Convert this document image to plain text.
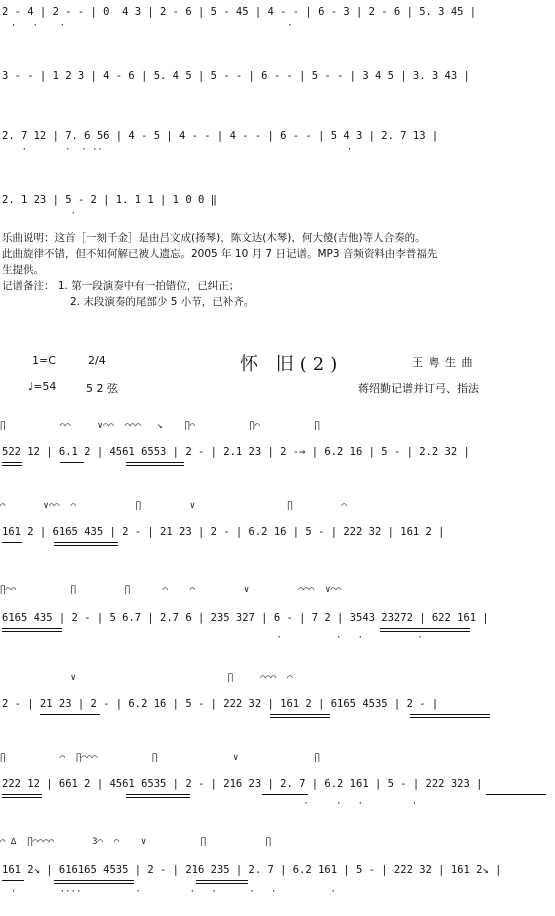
2 - 4 | 2 - - | 0  4 3 | 2 - 6 | 5 - 45 | 4 - - | 6 - 3 | 2 - 6 | 5. 3 45 |

·   ·    ·                                         ·

3 - - | 1 2 3 | 4 - 6 | 5. 4 5 | 5 - - | 6 - - | 5 - - | 3 4 5 | 3. 3 43 |

2. 7 12 | 7. 6 56 | 4 - 5 | 4 - - | 4 - - | 6 - - | 5 4 3 | 2. 7 13 |

·       ·  · ··                                             ·

2. 1 23 | 5 - 2 | 1. 1 1 | 1 0 0 ‖

·

乐曲说明：这首［一刻千金］是由吕文成(扬琴)，陈文达(木琴)，何大傻(吉他)等人合奏的。

此曲旋律不错，但不知何解已被人遗忘。2005 年 10 月 7 日记谱。MP3 音频资料由李普福先

生提供。

记谱备注： 1. 第一段演奏中有一拍错位，已纠正；

2. 末段演奏的尾部少 5 小节，已补齐。

1=C	2/4	怀 旧(2)	王 粤 生 曲
♩=54	5 2 弦	蒋绍勤记谱并订弓、指法
∏          ⌒⌒     ∨⌒⌒  ⌒⌒⌒   ↘    ∏⌒          ∏⌒          ∏

522 12 | 6.1 2 | 4561 6553 | 2 - | 2.1 23 | 2 -→ | 6.2 16 | 5 - | 2.2 32 |

⌒       ∨⌒⌒  ⌒           ∏         ∨                 ∏         ⌒

161 2 | 6165 435 | 2 - | 21 23 | 2 - | 6.2 16 | 5 - | 222 32 | 161 2 |

∏⌒⌒          ∏         ∏      ⌒    ⌒         ∨         ⌒⌒⌒  ∨⌒⌒

6165 435 | 2 - | 5 6.7 | 2.7 6 | 235 327 | 6 - | 7 2 | 3543 23272 | 622 161 |

·          ·   ·          ·
∨                            ∏     ⌒⌒⌒  ⌒

2 - | 21 23 | 2 - | 6.2 16 | 5 - | 222 32 | 161 2 | 6165 4535 | 2 - |

∏          ⌒  ∏⌒⌒⌒          ∏              ∨              ∏

222 12 | 661 2 | 4561 6535 | 2 - | 216 23 | 2. 7 | 6.2 161 | 5 - | 222 323 |

·     ·   ·         ·
⌒ ∆  ∏⌒⌒⌒⌒       3⌒  ⌒    ∨          ∏           ∏

161 2↘ | 616165 4535 | 2 - | 216 235 | 2. 7 | 6.2 161 | 5 - | 222 32 | 161 2↘ |

·        ····          ·         ·   ·      ·   ·          ·
